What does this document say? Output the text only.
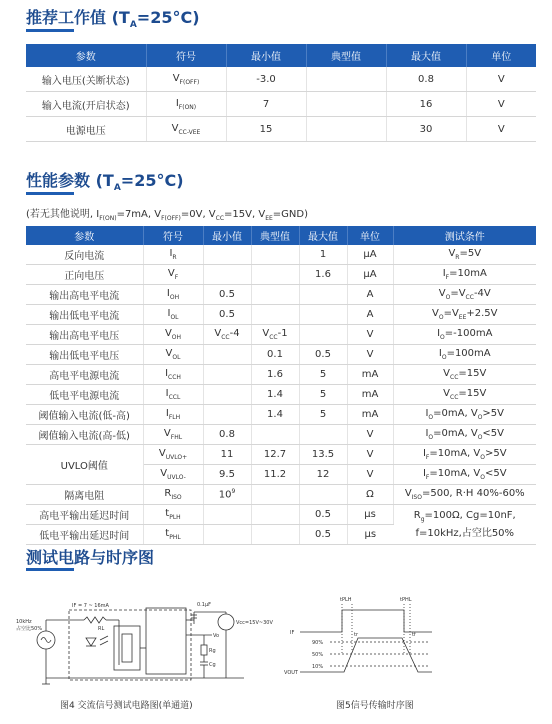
推荐工作值 $(T_A=25^\circ C)$
参数	符号	最小值	典型值	最大值	单位
输入电压(关断状态)	$V_{F(OFF)}$	-3.0		0.8	V
输入电流(开启状态)	$I_{F(ON)}$	7		16	V
电源电压	$V_{CC-VEE}$	15		30	V
性能参数 $(T_A=25^\circ C)$
(若无其他说明, $I_{F(ON)}=7mA$, $V_{F(OFF)}=0V$, $V_{CC}=15V$, $V_{EE}=GND$)
参数	符号	最小值	典型值	最大值	单位	测试条件
反向电流	$I_R$			1	μA	$V_R=5V$
正向电压	$V_F$			1.6	μA	$I_F=10mA$
输出高电平电流	$I_{OH}$	0.5			A	$V_O=V_{CC}-4V$
输出低电平电流	$I_{OL}$	0.5			A	$V_O=V_{EE}+2.5V$
输出高电平电压	$V_{OH}$	$V_{CC}-4$	$V_{CC}-1$		V	$I_O=-100mA$
输出低电平电压	$V_{OL}$		0.1	0.5	V	$I_O=100mA$
高电平电源电流	$I_{CCH}$		1.6	5	mA	$V_{CC}=15V$
低电平电源电流	$I_{CCL}$		1.4	5	mA	$V_{CC}=15V$
阈值输入电流(低-高)	$I_{FLH}$		1.4	5	mA	$I_O=0mA$, $V_O>5V$
阈值输入电流(高-低)	$V_{FHL}$	0.8			V	$I_O=0mA$, $V_O<5V$
UVLO阈值	$V_{UVLO+}$	11	12.7	13.5	V	$I_F=10mA$, $V_O>5V$
	$V_{UVLO-}$	9.5	11.2	12	V	$I_F=10mA$, $V_O<5V$
隔离电阻	$R_{ISO}$	$10^9$			Ω	$V_{ISO}=500$, R·H 40%-60%
高电平输出延迟时间	$t_{PLH}$			0.5	μs	$R_g=100\Omega$, Cg=10nF,
f=10kHz,占空比50%
低电平输出延迟时间	$t_{PHL}$			0.5	μs	
测试电路与时序图
10kHz
占空比50%
IF = 7 ~ 16mA
RL
0.1μF
Vcc=15V~30V
Vo
Rg
Cg
图4 交流信号测试电路图(单通道)
tPLH	tPHL
IF
VOUT
90%
50%
10%
tr	tf
图5信号传输时序图
